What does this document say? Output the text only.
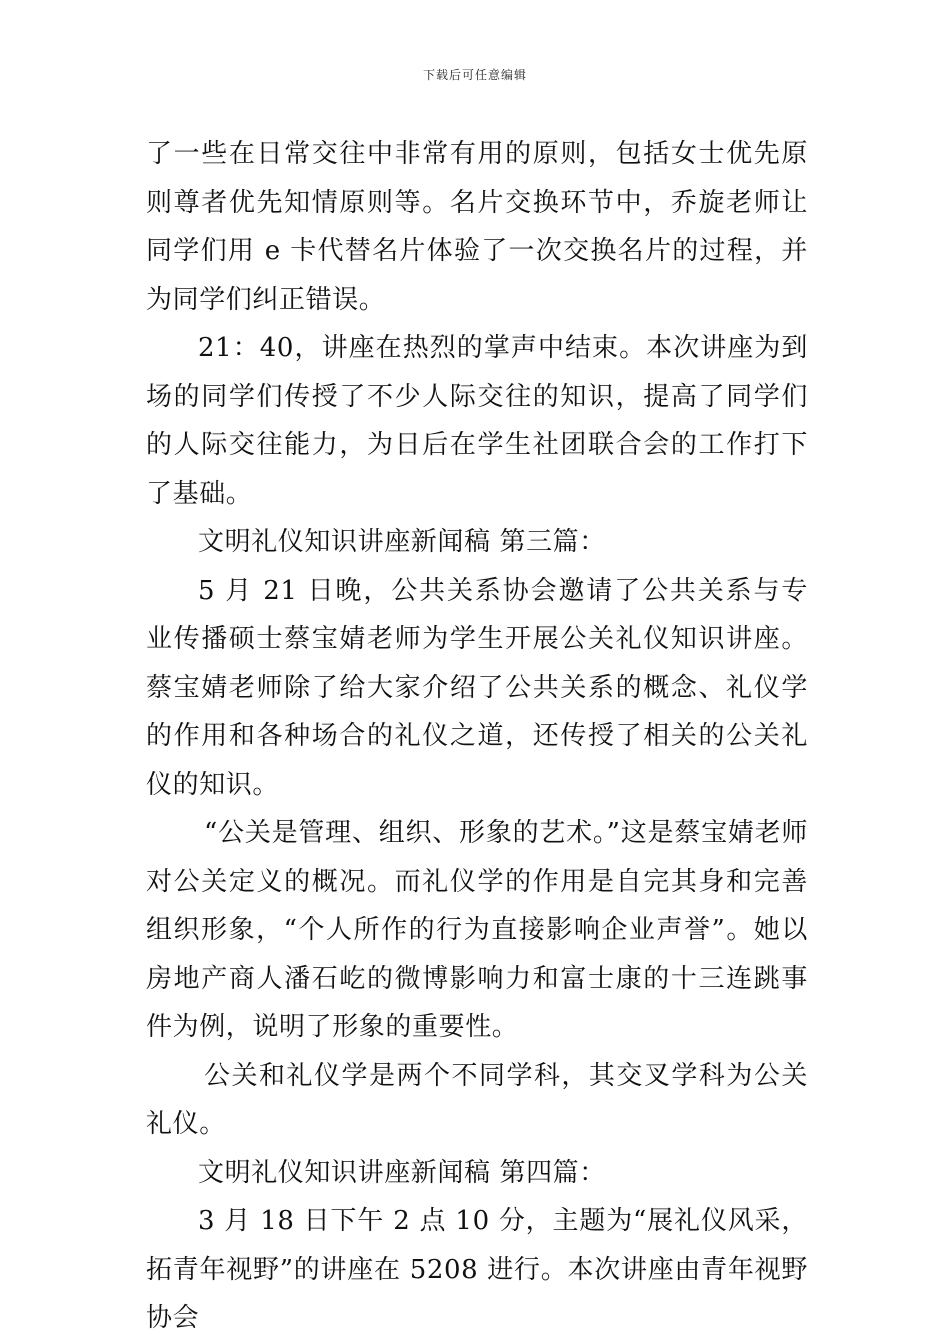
下载后可任意编辑

了一些在日常交往中非常有用的原则，包括女士优先原则尊者优先知情原则等。名片交换环节中，乔旋老师让同学们用 e 卡代替名片体验了一次交换名片的过程，并为同学们纠正错误。

21：40，讲座在热烈的掌声中结束。本次讲座为到场的同学们传授了不少人际交往的知识，提高了同学们的人际交往能力，为日后在学生社团联合会的工作打下了基础。

文明礼仪知识讲座新闻稿 第三篇：

5 月 21 日晚，公共关系协会邀请了公共关系与专业传播硕士蔡宝婧老师为学生开展公关礼仪知识讲座。蔡宝婧老师除了给大家介绍了公共关系的概念、礼仪学的作用和各种场合的礼仪之道，还传授了相关的公关礼仪的知识。

“公关是管理、组织、形象的艺术。”这是蔡宝婧老师对公关定义的概况。而礼仪学的作用是自完其身和完善组织形象，“个人所作的行为直接影响企业声誉”。她以房地产商人潘石屹的微博影响力和富士康的十三连跳事件为例，说明了形象的重要性。

公关和礼仪学是两个不同学科，其交叉学科为公关礼仪。

文明礼仪知识讲座新闻稿 第四篇：

3 月 18 日下午 2 点 10 分，主题为“展礼仪风采，拓青年视野”的讲座在 5208 进行。本次讲座由青年视野协会
